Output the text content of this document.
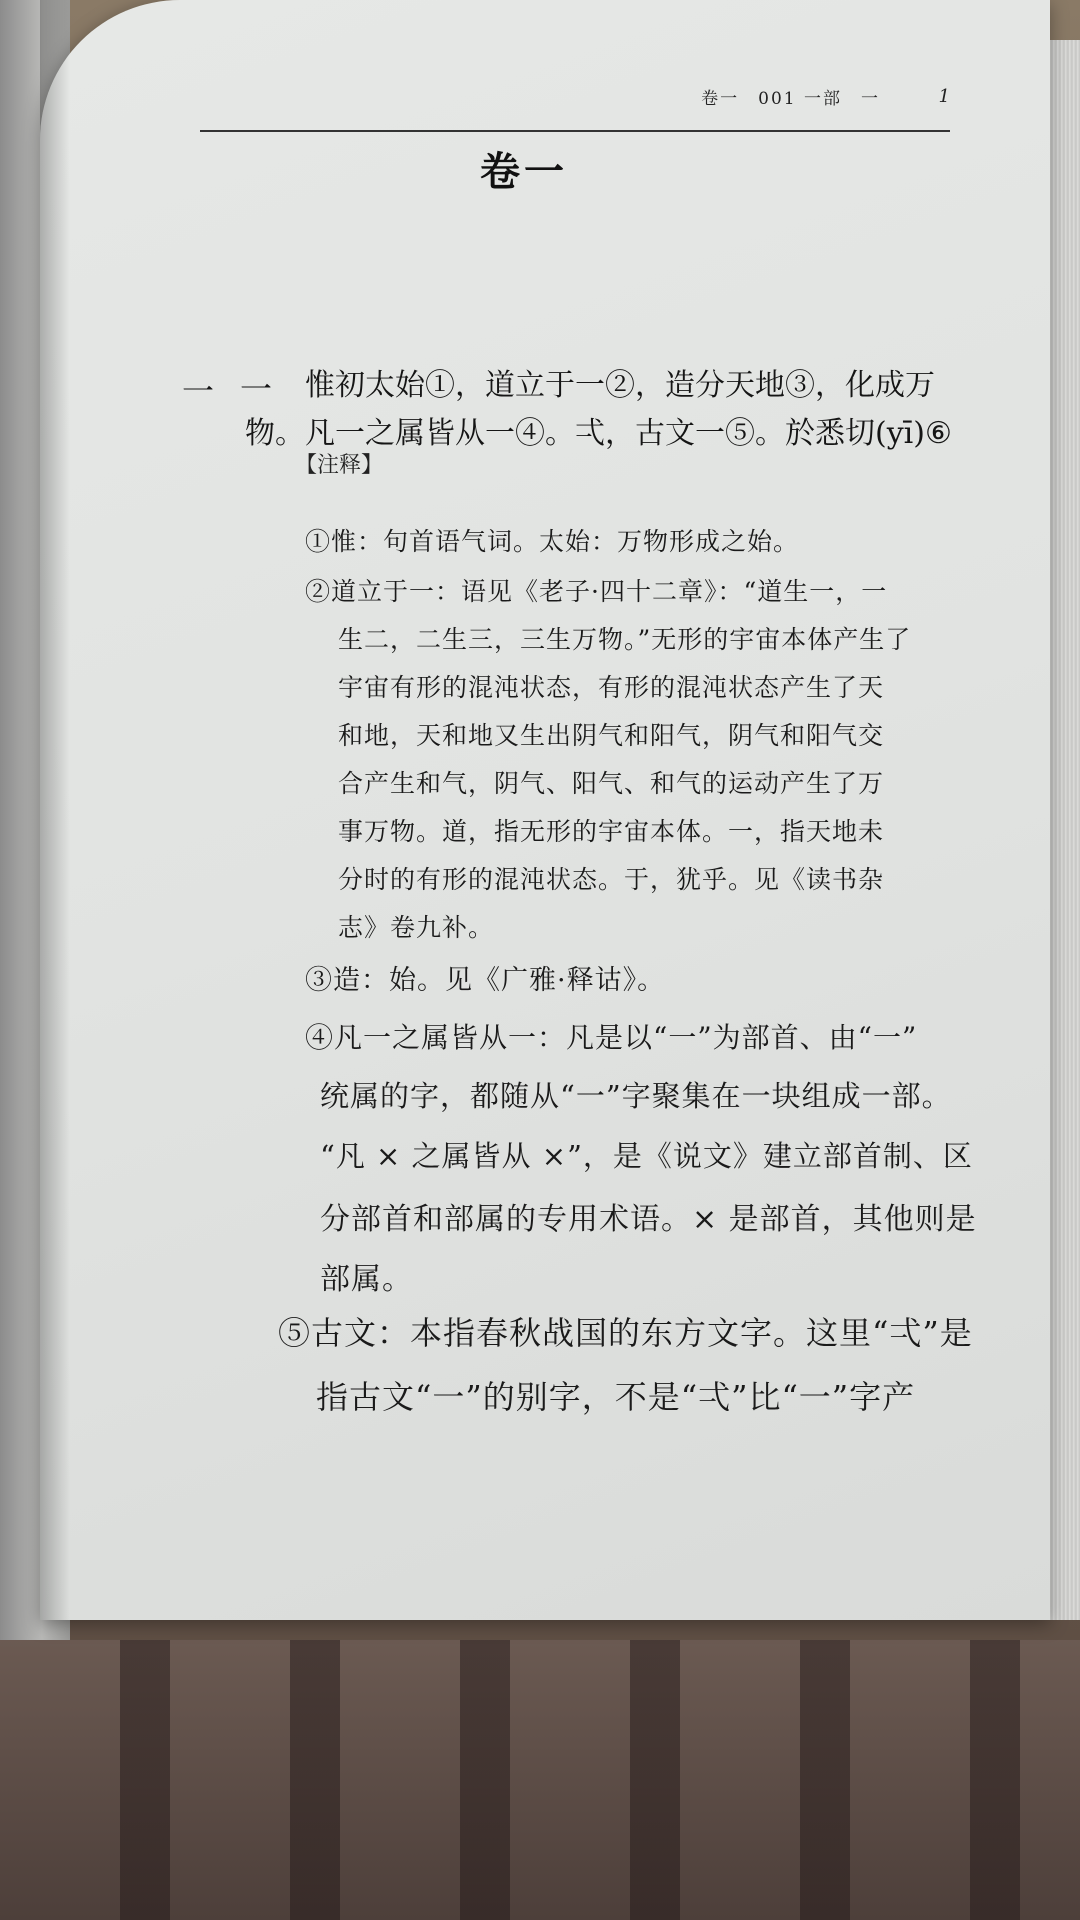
卷一　001 一部　一	1
卷一
一 一 惟初太始①，道立于一②，造分天地③，化成万
物。凡一之属皆从一④。弌，古文一⑤。於悉切(yī)⑥
【注释】
①惟：句首语气词。太始：万物形成之始。
②道立于一：语见《老子·四十二章》：“道生一，一
生二，二生三，三生万物。”无形的宇宙本体产生了
宇宙有形的混沌状态，有形的混沌状态产生了天
和地，天和地又生出阴气和阳气，阴气和阳气交
合产生和气，阴气、阳气、和气的运动产生了万
事万物。道，指无形的宇宙本体。一，指天地未
分时的有形的混沌状态。于，犹乎。见《读书杂
志》卷九补。
③造：始。见《广雅·释诂》。
④凡一之属皆从一：凡是以“一”为部首、由“一”
统属的字，都随从“一”字聚集在一块组成一部。
“凡 × 之属皆从 ×”，是《说文》建立部首制、区
分部首和部属的专用术语。× 是部首，其他则是
部属。
⑤古文：本指春秋战国的东方文字。这里“弌”是
指古文“一”的别字，不是“弌”比“一”字产
